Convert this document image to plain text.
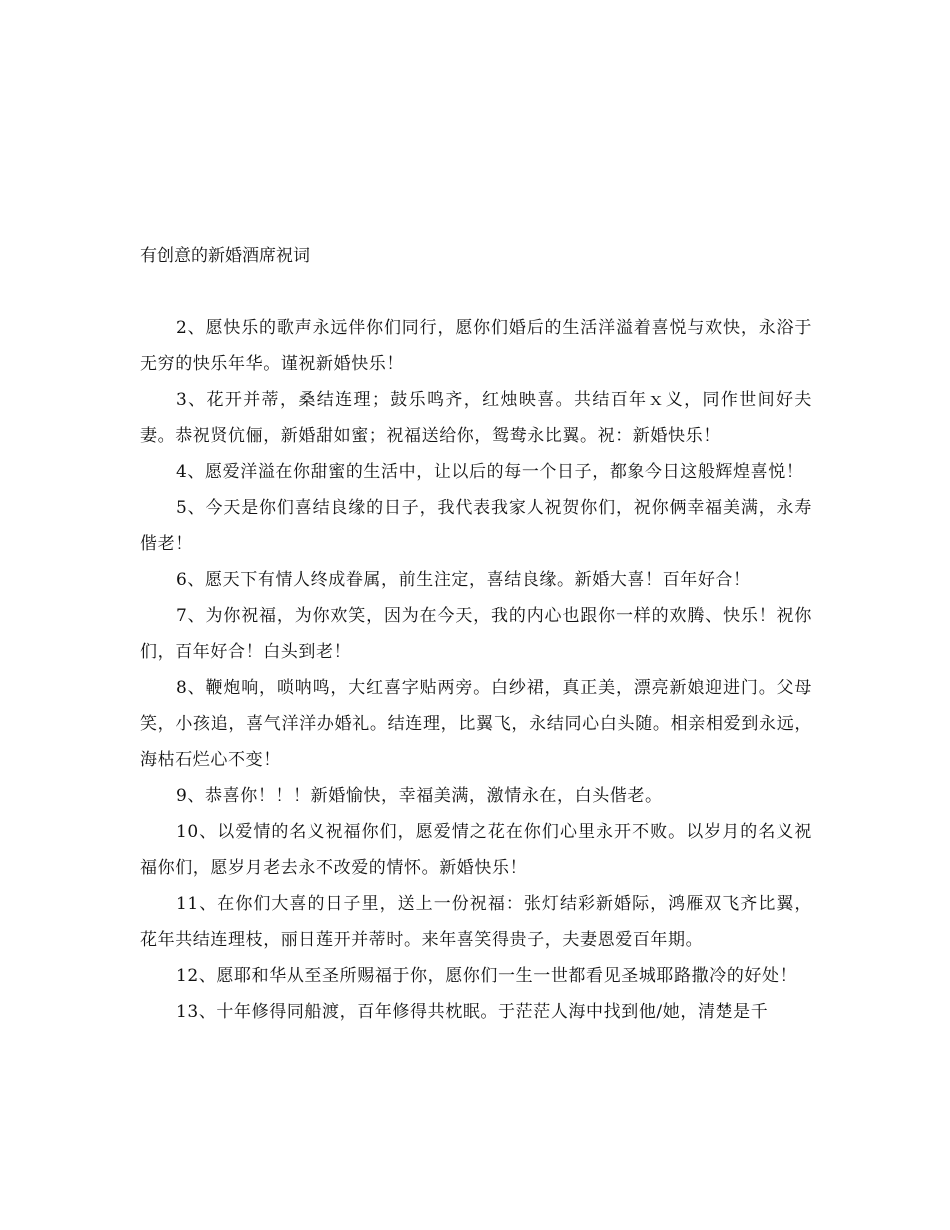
有创意的新婚酒席祝词

2、愿快乐的歌声永远伴你们同行，愿你们婚后的生活洋溢着喜悦与欢快，永浴于无穷的快乐年华。谨祝新婚快乐！

3、花开并蒂，桑结连理；鼓乐鸣齐，红烛映喜。共结百年ｘ义，同作世间好夫妻。恭祝贤伉俪，新婚甜如蜜；祝福送给你，鸳鸯永比翼。祝：新婚快乐！

4、愿爱洋溢在你甜蜜的生活中，让以后的每一个日子，都象今日这般辉煌喜悦！

5、今天是你们喜结良缘的日子，我代表我家人祝贺你们，祝你俩幸福美满，永寿偕老！

6、愿天下有情人终成眷属，前生注定，喜结良缘。新婚大喜！百年好合！

7、为你祝福，为你欢笑，因为在今天，我的内心也跟你一样的欢腾、快乐！祝你们，百年好合！白头到老！

8、鞭炮响，唢呐鸣，大红喜字贴两旁。白纱裙，真正美，漂亮新娘迎进门。父母笑，小孩追，喜气洋洋办婚礼。结连理，比翼飞，永结同心白头随。相亲相爱到永远，海枯石烂心不变！

9、恭喜你！！！新婚愉快，幸福美满，激情永在，白头偕老。

10、以爱情的名义祝福你们，愿爱情之花在你们心里永开不败。以岁月的名义祝福你们，愿岁月老去永不改爱的情怀。新婚快乐！

11、在你们大喜的日子里，送上一份祝福：张灯结彩新婚际，鸿雁双飞齐比翼，花年共结连理枝，丽日莲开并蒂时。来年喜笑得贵子，夫妻恩爱百年期。

12、愿耶和华从至圣所赐福于你，愿你们一生一世都看见圣城耶路撒冷的好处！

13、十年修得同船渡，百年修得共枕眠。于茫茫人海中找到他/她，清楚是千
